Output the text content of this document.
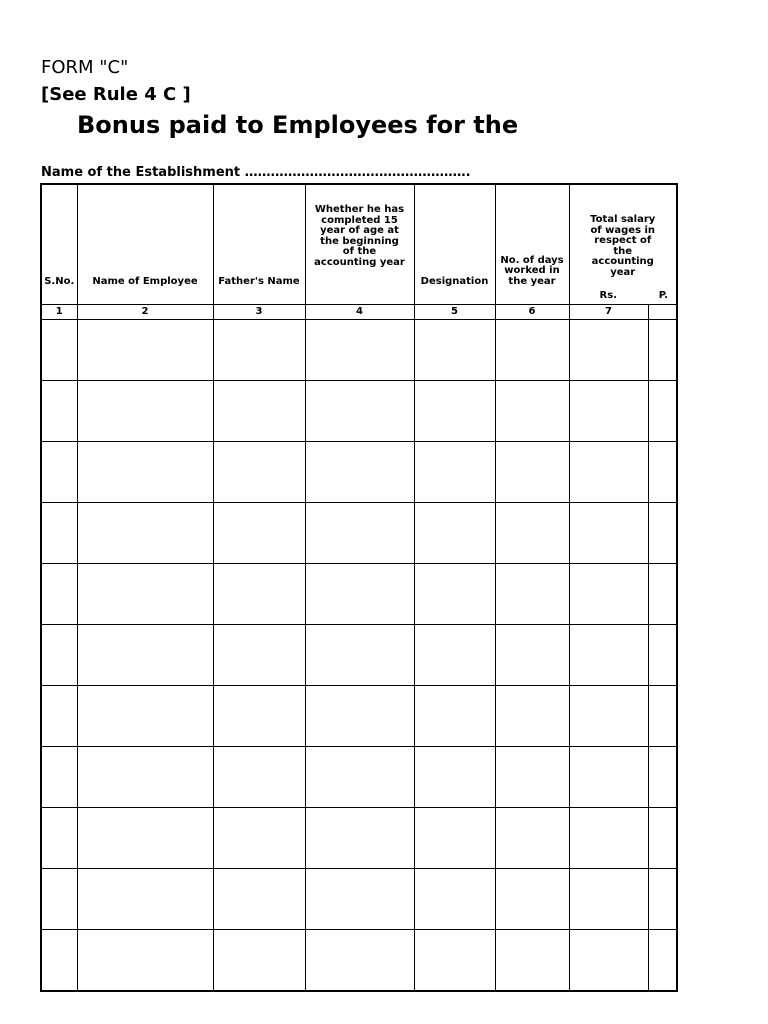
FORM "C"
[See Rule 4 C ]
Bonus paid to Employees for the
Name of the Establishment …………………………………………….
S.No.	Name of Employee	Father's Name	Whether he has completed 15 year of age at the beginning of the accounting year	Designation	No. of days worked in the year	Total salary of wages in respect of the accounting year
Rs. P.	

1	2	3	4	5	6	7	
